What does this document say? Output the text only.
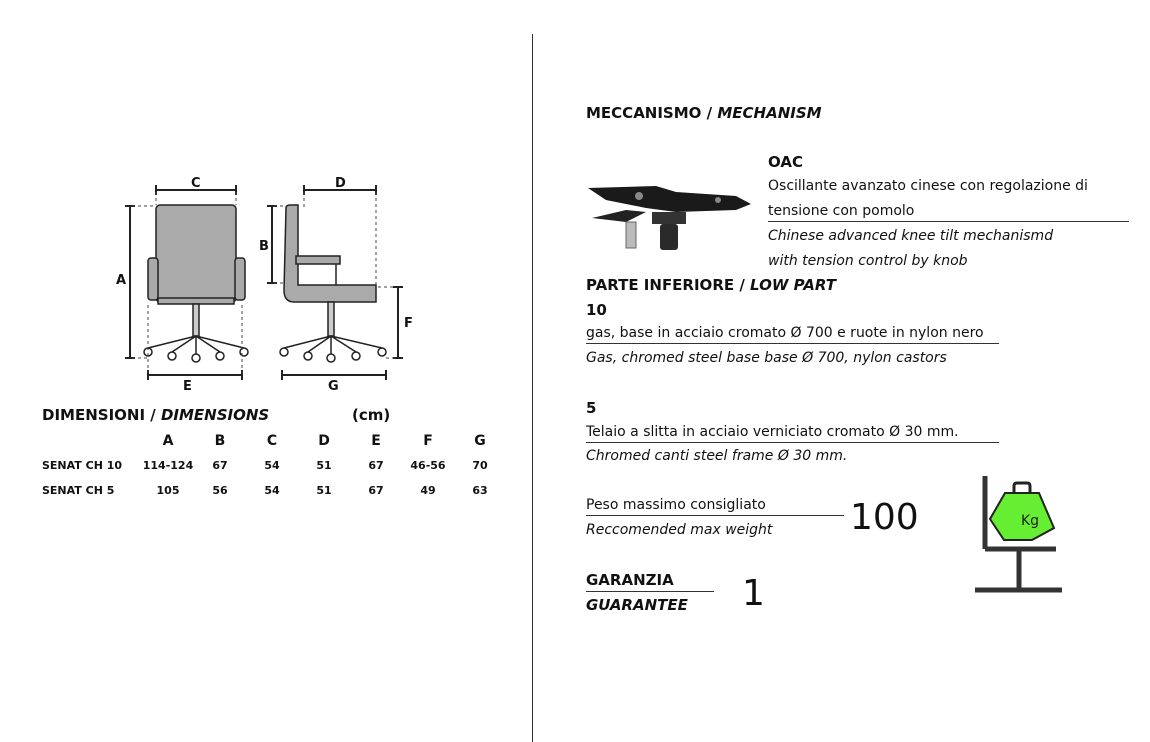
C	D
A
B
F
E	G
DIMENSIONI / DIMENSIONS	(cm)
	A	B	C	D	E	F	G
SENAT CH 10	114-124	67	54	51	67	46-56	70
SENAT CH 5	105	56	54	51	67	49	63
MECCANISMO / MECHANISM
OAC
Oscillante avanzato cinese con regolazione di
tensione con pomolo
Chinese advanced knee tilt mechanismd
with tension control by knob
PARTE INFERIORE / LOW PART
10
gas, base in acciaio cromato Ø 700 e ruote in nylon nero
Gas, chromed steel base base Ø 700, nylon castors
5
Telaio a slitta in acciaio verniciato cromato Ø 30 mm.
Chromed canti steel frame Ø 30 mm.
Peso massimo consigliato
Reccomended max weight 100	Kg
GARANZIA
GUARANTEE 1
